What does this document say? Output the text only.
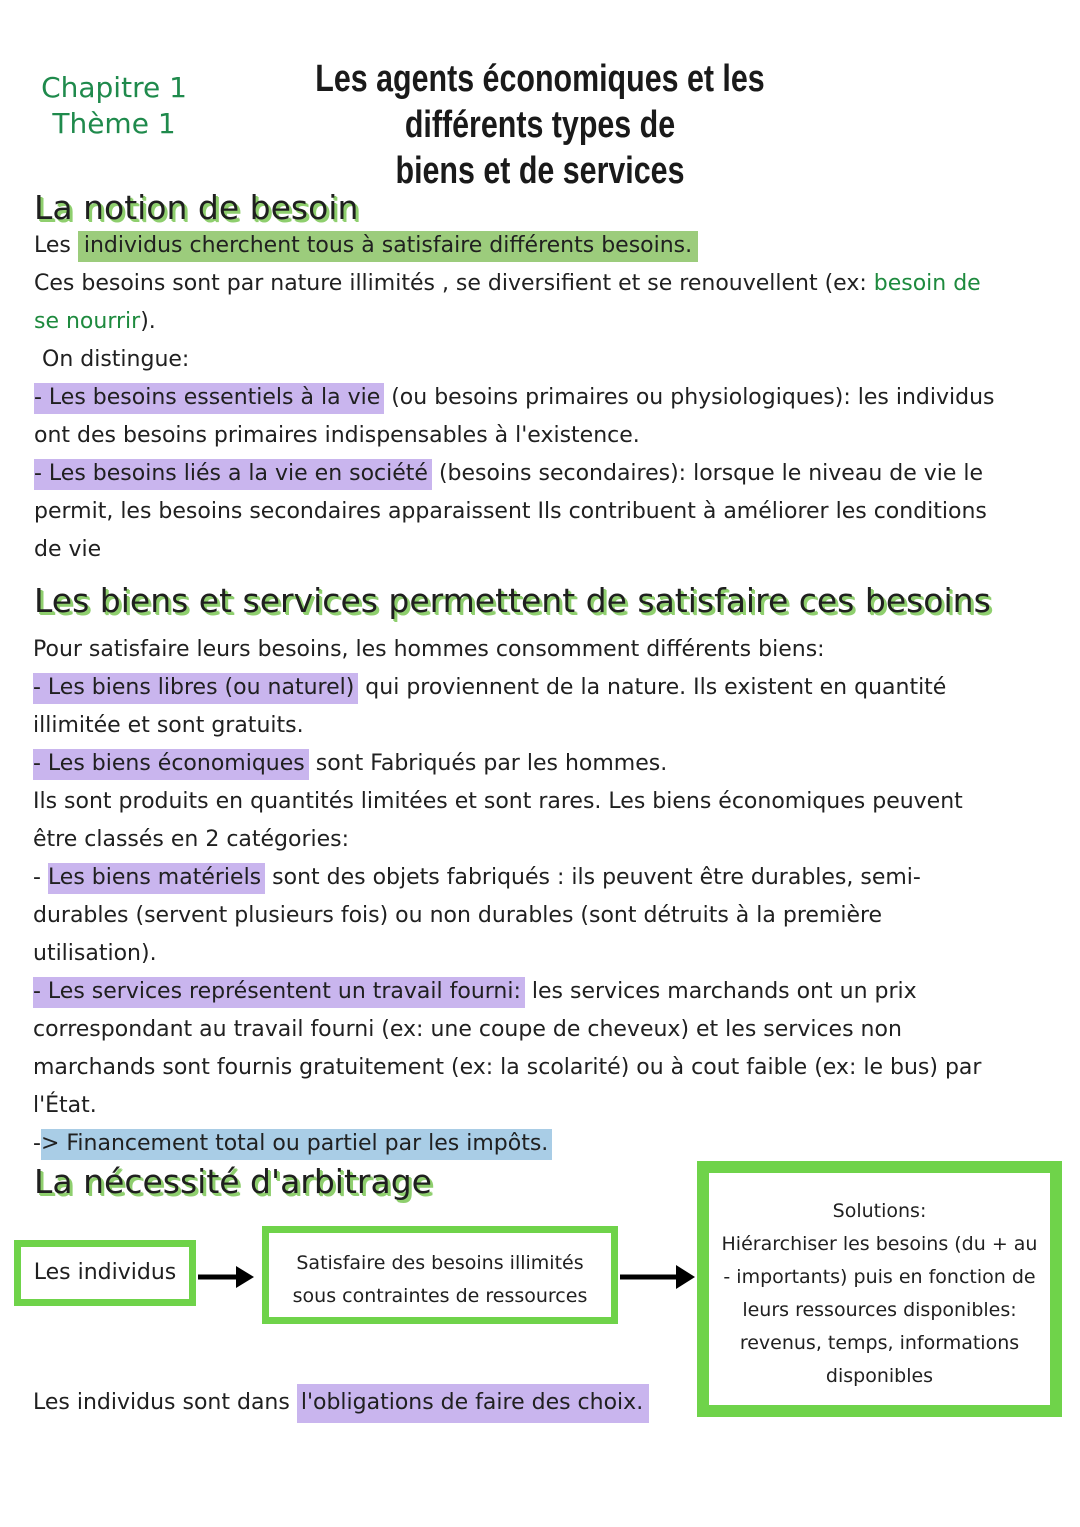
Chapitre 1
Thème 1
Les agents économiques et les différents types de
biens et de services
La notion de besoin
Les individus cherchent tous à satisfaire différents besoins.
Ces besoins sont par nature illimités , se diversifient et se renouvellent (ex: besoin de
se nourrir).
On distingue:
- Les besoins essentiels à la vie (ou besoins primaires ou physiologiques): les individus
ont des besoins primaires indispensables à l'existence.
- Les besoins liés a la vie en société (besoins secondaires): lorsque le niveau de vie le
permit, les besoins secondaires apparaissent Ils contribuent à améliorer les conditions
de vie
Les biens et services permettent de satisfaire ces besoins
Pour satisfaire leurs besoins, les hommes consomment différents biens:
- Les biens libres (ou naturel) qui proviennent de la nature. Ils existent en quantité
illimitée et sont gratuits.
- Les biens économiques sont Fabriqués par les hommes.
Ils sont produits en quantités limitées et sont rares. Les biens économiques peuvent
être classés en 2 catégories:
- Les biens matériels sont des objets fabriqués : ils peuvent être durables, semi-
durables (servent plusieurs fois) ou non durables (sont détruits à la première
utilisation).
- Les services représentent un travail fourni: les services marchands ont un prix
correspondant au travail fourni (ex: une coupe de cheveux) et les services non
marchands sont fournis gratuitement (ex: la scolarité) ou à cout faible (ex: le bus) par
l'État.
-> Financement total ou partiel par les impôts.
La nécessité d'arbitrage
Les individus	Satisfaire des besoins illimités
sous contraintes de ressources
Solutions:
Hiérarchiser les besoins (du + au
- importants) puis en fonction de
leurs ressources disponibles:
revenus, temps, informations
disponibles
Les individus sont dans l'obligations de faire des choix.
